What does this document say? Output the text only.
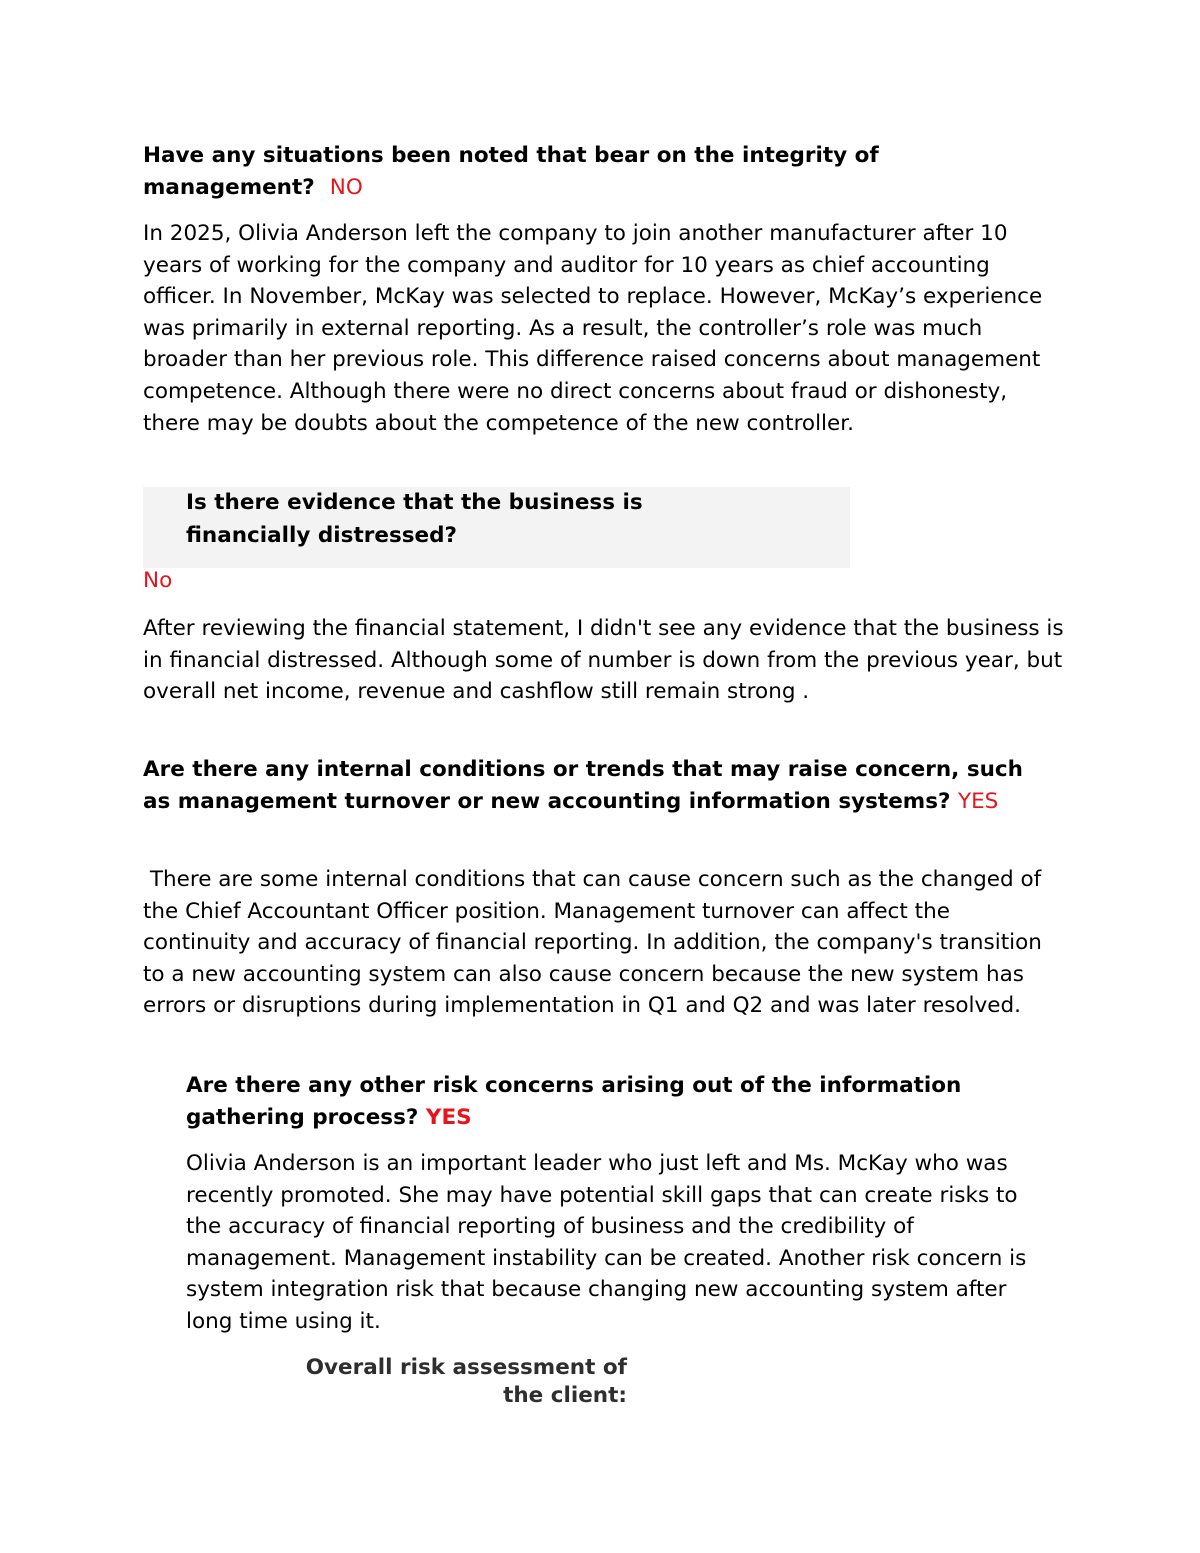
Have any situations been noted that bear on the integrity of management? NO
In 2025, Olivia Anderson left the company to join another manufacturer after 10 years of working for the company and auditor for 10 years as chief accounting officer. In November, McKay was selected to replace. However, McKay’s experience was primarily in external reporting. As a result, the controller’s role was much broader than her previous role. This difference raised concerns about management competence. Although there were no direct concerns about fraud or dishonesty, there may be doubts about the competence of the new controller.
Is there evidence that the business is financially distressed?
No
After reviewing the financial statement, I didn't see any evidence that the business is in financial distressed. Although some of number is down from the previous year, but overall net income, revenue and cashflow still remain strong .
Are there any internal conditions or trends that may raise concern, such as management turnover or new accounting information systems? YES
There are some internal conditions that can cause concern such as the changed of the Chief Accountant Officer position. Management turnover can affect the continuity and accuracy of financial reporting. In addition, the company's transition to a new accounting system can also cause concern because the new system has errors or disruptions during implementation in Q1 and Q2 and was later resolved.
Are there any other risk concerns arising out of the information gathering process? YES
Olivia Anderson is an important leader who just left and Ms. McKay who was recently promoted. She may have potential skill gaps that can create risks to the accuracy of financial reporting of business and the credibility of management. Management instability can be created. Another risk concern is system integration risk that because changing new accounting system after long time using it.
Overall risk assessment of
the client:
